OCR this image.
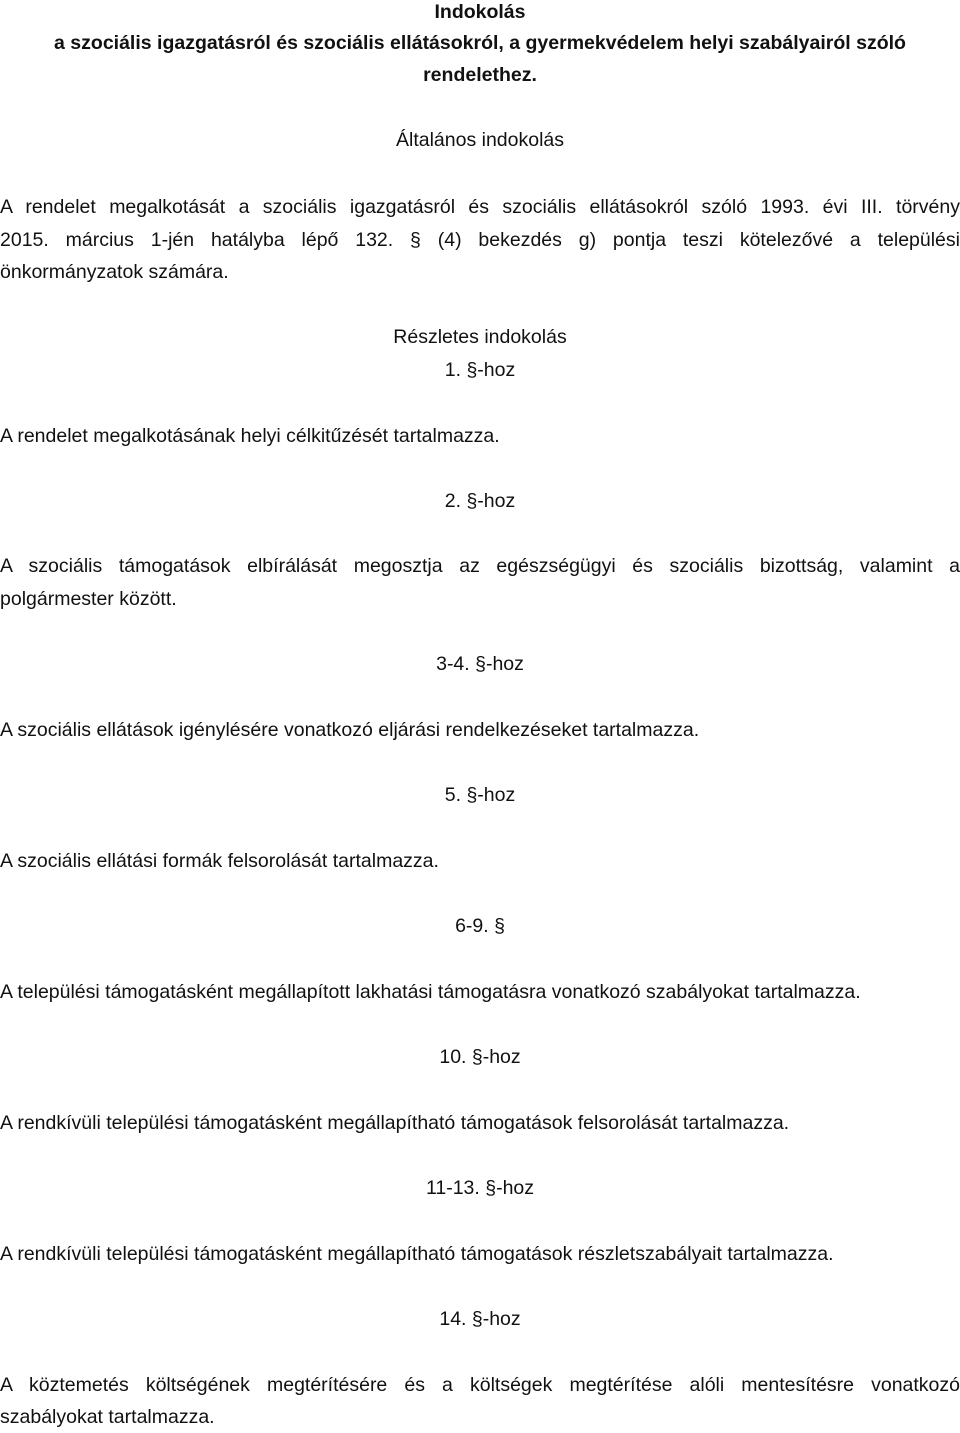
Indokolás

a szociális igazgatásról és szociális ellátásokról, a gyermekvédelem helyi szabályairól szóló

rendelethez.

Általános indokolás

A rendelet megalkotását a szociális igazgatásról és szociális ellátásokról szóló 1993. évi III. törvény

2015. március 1-jén hatályba lépő 132. § (4) bekezdés g) pontja teszi kötelezővé a települési

önkormányzatok számára.

Részletes indokolás

1. §-hoz

A rendelet megalkotásának helyi célkitűzését tartalmazza.

2. §-hoz

A szociális támogatások elbírálását megosztja az egészségügyi és szociális bizottság, valamint a

polgármester között.

3-4. §-hoz

A szociális ellátások igénylésére vonatkozó eljárási rendelkezéseket tartalmazza.

5. §-hoz

A szociális ellátási formák felsorolását tartalmazza.

6-9. §

A települési támogatásként megállapított lakhatási támogatásra vonatkozó szabályokat tartalmazza.

10. §-hoz

A rendkívüli települési támogatásként megállapítható támogatások felsorolását tartalmazza.

11-13. §-hoz

A rendkívüli települési támogatásként megállapítható támogatások részletszabályait tartalmazza.

14. §-hoz

A köztemetés költségének megtérítésére és a költségek megtérítése alóli mentesítésre vonatkozó

szabályokat tartalmazza.
